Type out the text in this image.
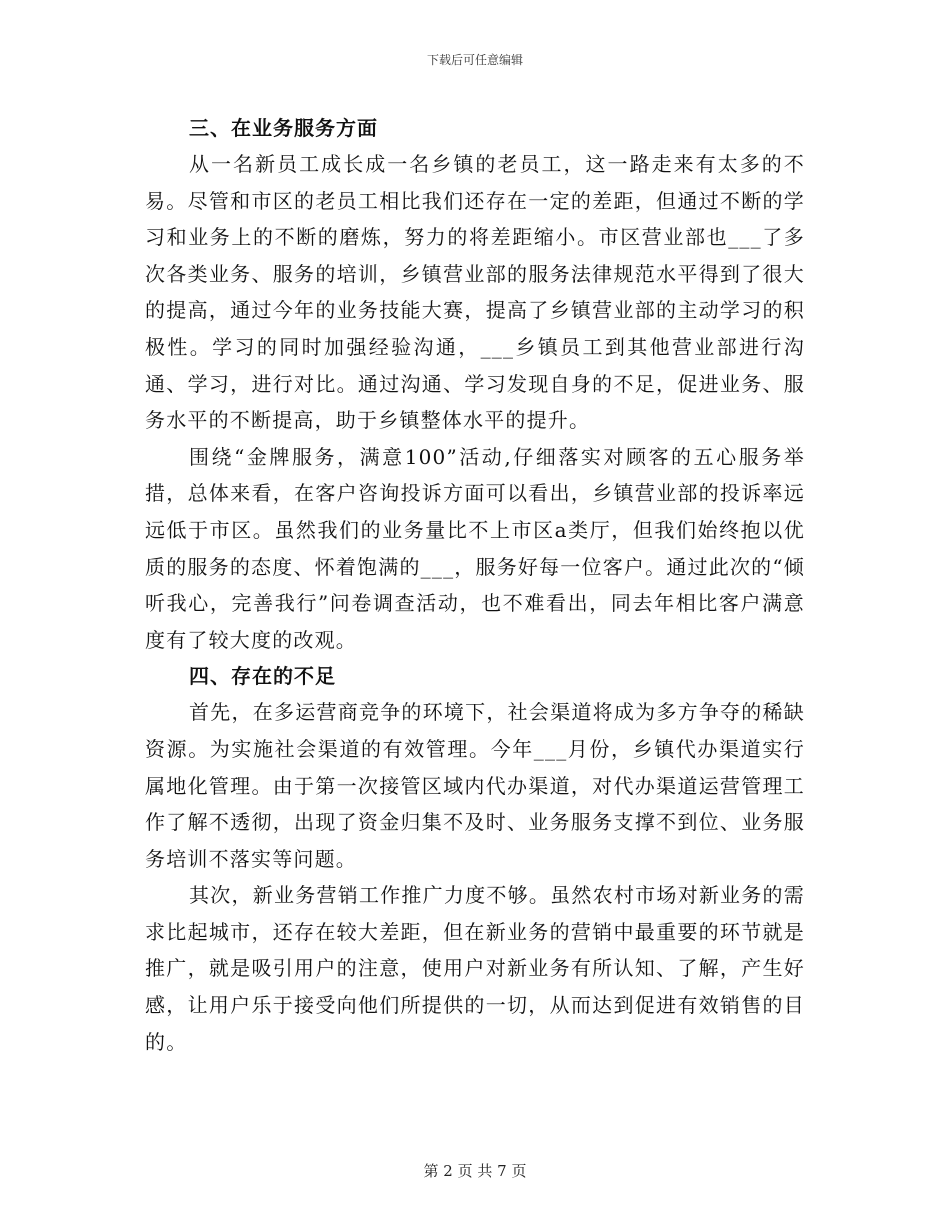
下载后可任意编辑
三、在业务服务方面

从一名新员工成长成一名乡镇的老员工，这一路走来有太多的不易。尽管和市区的老员工相比我们还存在一定的差距，但通过不断的学习和业务上的不断的磨炼，努力的将差距缩小。市区营业部也___了多次各类业务、服务的培训，乡镇营业部的服务法律规范水平得到了很大的提高，通过今年的业务技能大赛，提高了乡镇营业部的主动学习的积极性。学习的同时加强经验沟通，___乡镇员工到其他营业部进行沟通、学习，进行对比。通过沟通、学习发现自身的不足，促进业务、服务水平的不断提高，助于乡镇整体水平的提升。

围绕“金牌服务，满意100”活动,仔细落实对顾客的五心服务举措，总体来看，在客户咨询投诉方面可以看出，乡镇营业部的投诉率远远低于市区。虽然我们的业务量比不上市区a类厅，但我们始终抱以优质的服务的态度、怀着饱满的___，服务好每一位客户。通过此次的“倾听我心，完善我行”问卷调查活动，也不难看出，同去年相比客户满意度有了较大度的改观。

四、存在的不足

首先，在多运营商竞争的环境下，社会渠道将成为多方争夺的稀缺资源。为实施社会渠道的有效管理。今年___月份，乡镇代办渠道实行属地化管理。由于第一次接管区域内代办渠道，对代办渠道运营管理工作了解不透彻，出现了资金归集不及时、业务服务支撑不到位、业务服务培训不落实等问题。

其次，新业务营销工作推广力度不够。虽然农村市场对新业务的需求比起城市，还存在较大差距，但在新业务的营销中最重要的环节就是推广，就是吸引用户的注意，使用户对新业务有所认知、了解，产生好感，让用户乐于接受向他们所提供的一切，从而达到促进有效销售的目的。

第 2 页 共 7 页
